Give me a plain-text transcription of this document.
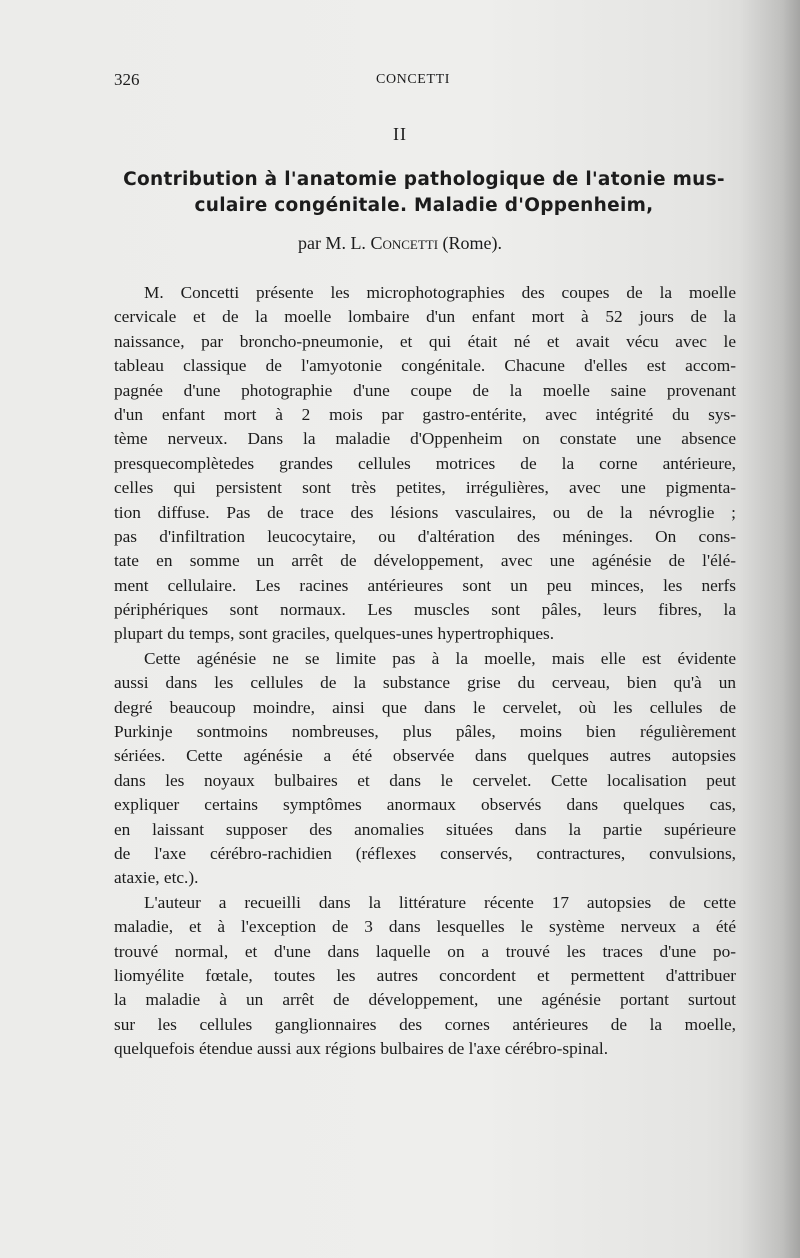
326	CONCETTI
II
Contribution à l'anatomie pathologique de l'atonie mus-
culaire congénitale. Maladie d'Oppenheim,
par M. L. Concetti (Rome).
M. Concetti présente les microphotographies des coupes de la moelle
cervicale et de la moelle lombaire d'un enfant mort à 52 jours de la
naissance, par broncho-pneumonie, et qui était né et avait vécu avec le
tableau classique de l'amyotonie congénitale. Chacune d'elles est accom-
pagnée d'une photographie d'une coupe de la moelle saine provenant
d'un enfant mort à 2 mois par gastro-entérite, avec intégrité du sys-
tème nerveux. Dans la maladie d'Oppenheim on constate une absence
presquecomplètedes grandes cellules motrices de la corne antérieure,
celles qui persistent sont très petites, irrégulières, avec une pigmenta-
tion diffuse. Pas de trace des lésions vasculaires, ou de la névroglie ;
pas d'infiltration leucocytaire, ou d'altération des méninges. On cons-
tate en somme un arrêt de développement, avec une agénésie de l'élé-
ment cellulaire. Les racines antérieures sont un peu minces, les nerfs
périphériques sont normaux. Les muscles sont pâles, leurs fibres, la
plupart du temps, sont graciles, quelques-unes hypertrophiques.
Cette agénésie ne se limite pas à la moelle, mais elle est évidente
aussi dans les cellules de la substance grise du cerveau, bien qu'à un
degré beaucoup moindre, ainsi que dans le cervelet, où les cellules de
Purkinje sontmoins nombreuses, plus pâles, moins bien régulièrement
sériées. Cette agénésie a été observée dans quelques autres autopsies
dans les noyaux bulbaires et dans le cervelet. Cette localisation peut
expliquer certains symptômes anormaux observés dans quelques cas,
en laissant supposer des anomalies situées dans la partie supérieure
de l'axe cérébro-rachidien (réflexes conservés, contractures, convulsions,
ataxie, etc.).
L'auteur a recueilli dans la littérature récente 17 autopsies de cette
maladie, et à l'exception de 3 dans lesquelles le système nerveux a été
trouvé normal, et d'une dans laquelle on a trouvé les traces d'une po-
liomyélite fœtale, toutes les autres concordent et permettent d'attribuer
la maladie à un arrêt de développement, une agénésie portant surtout
sur les cellules ganglionnaires des cornes antérieures de la moelle,
quelquefois étendue aussi aux régions bulbaires de l'axe cérébro-spinal.
